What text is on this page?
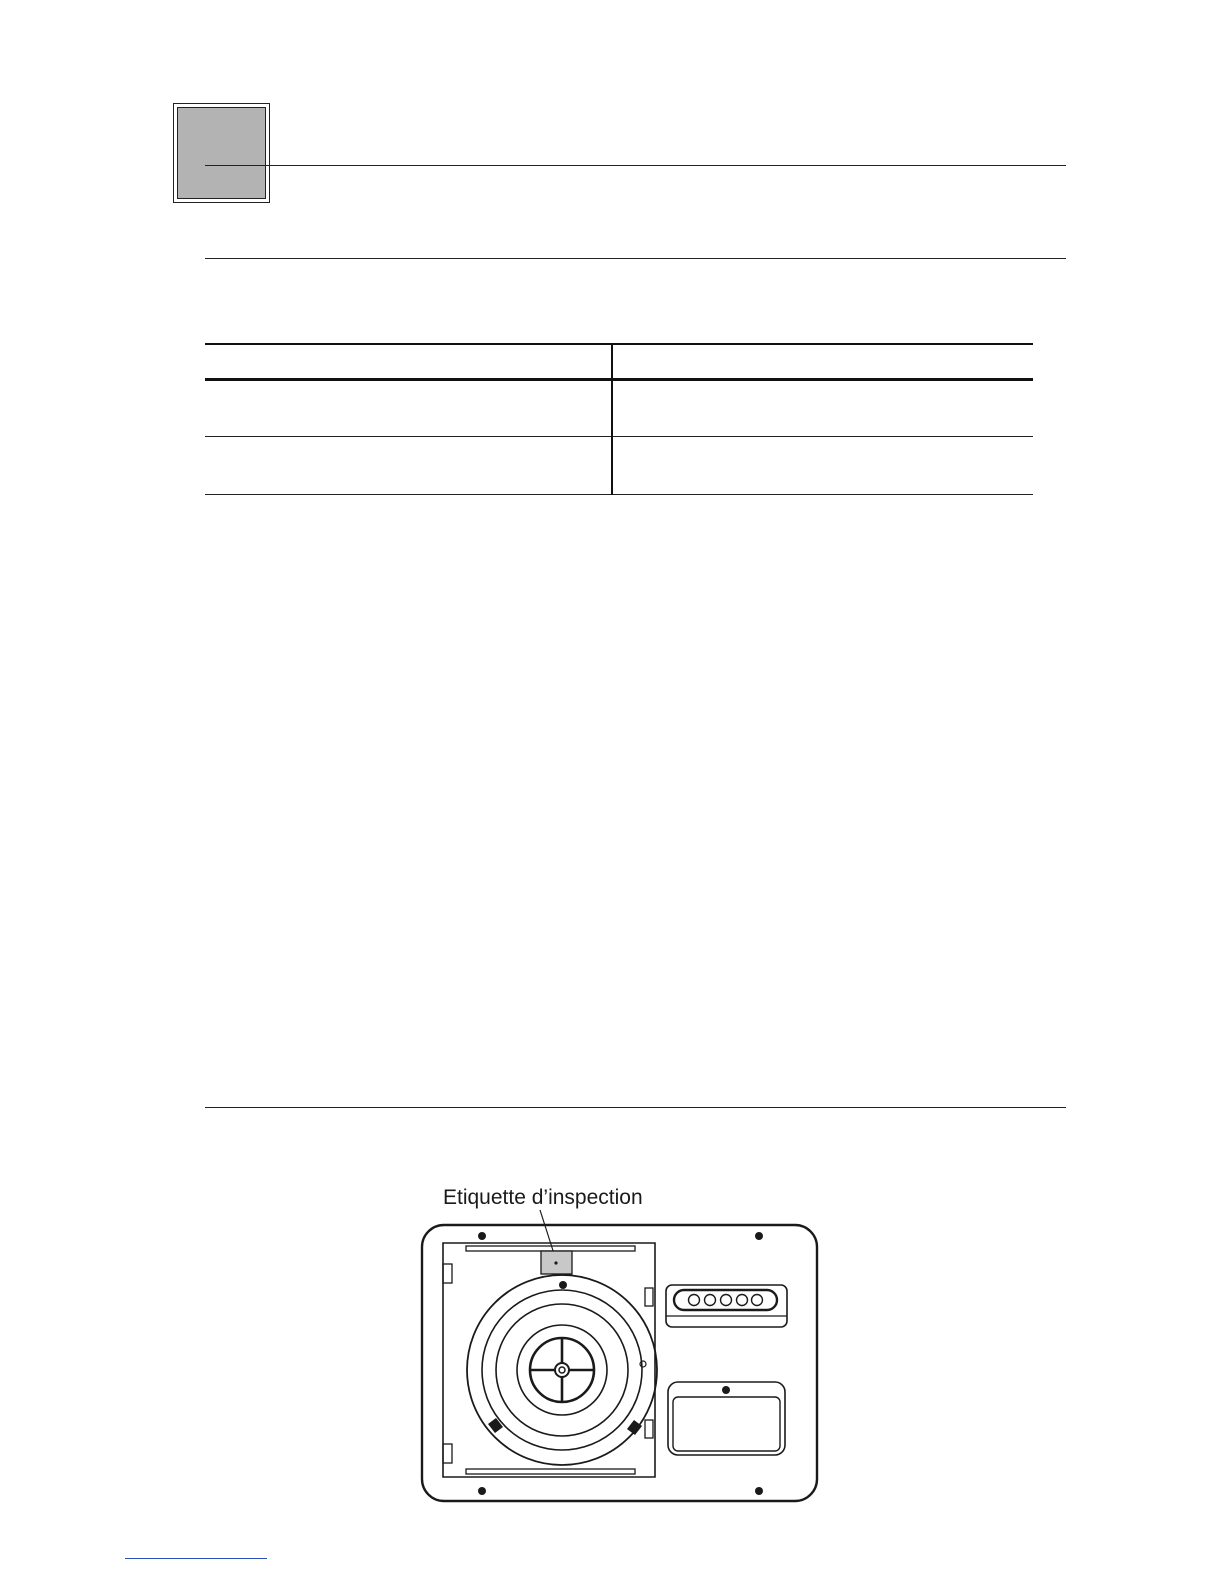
Etiquette d’inspection
